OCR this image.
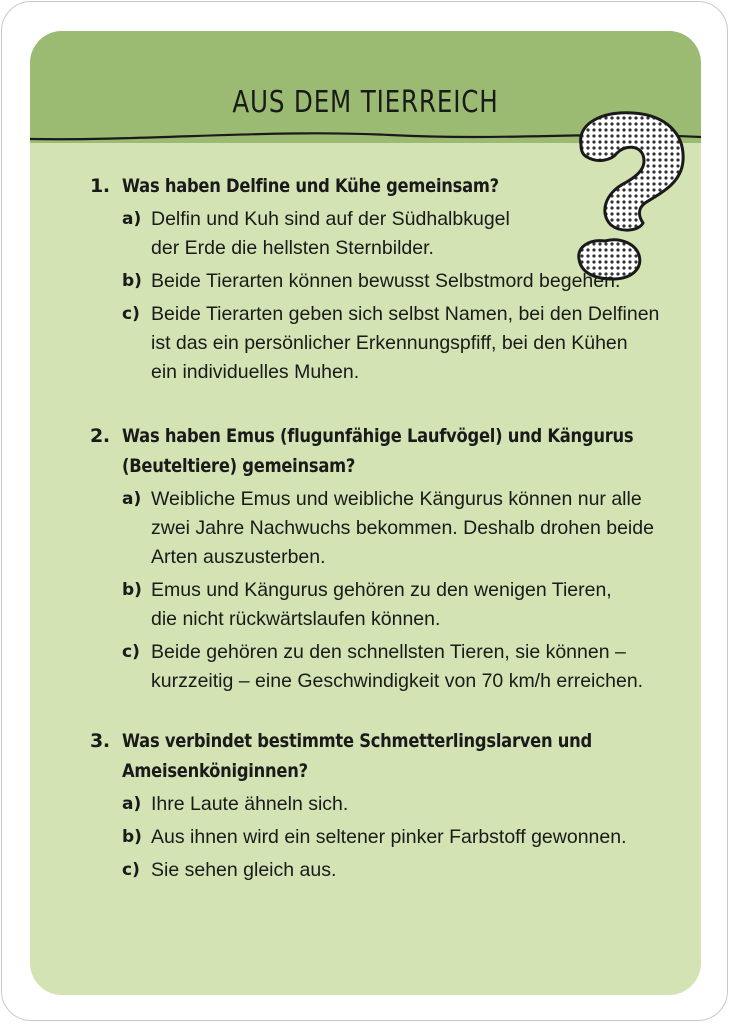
AUS DEM TIERREICH
1. Was haben Delfine und Kühe gemeinsam?
a) Delfin und Kuh sind auf der Südhalbkugel
der Erde die hellsten Sternbilder.
b) Beide Tierarten können bewusst Selbstmord begehen.
c) Beide Tierarten geben sich selbst Namen, bei den Delfinen
ist das ein persönlicher Erkennungspfiff, bei den Kühen
ein individuelles Muhen.
2. Was haben Emus (flugunfähige Laufvögel) und Kängurus (Beuteltiere) gemeinsam?
a) Weibliche Emus und weibliche Kängurus können nur alle
zwei Jahre Nachwuchs bekommen. Deshalb drohen beide
Arten auszusterben.
b) Emus und Kängurus gehören zu den wenigen Tieren,
die nicht rückwärtslaufen können.
c) Beide gehören zu den schnellsten Tieren, sie können –
kurzzeitig – eine Geschwindigkeit von 70 km/h erreichen.
3. Was verbindet bestimmte Schmetterlingslarven und Ameisenköniginnen?
a) Ihre Laute ähneln sich.
b) Aus ihnen wird ein seltener pinker Farbstoff gewonnen.
c) Sie sehen gleich aus.
